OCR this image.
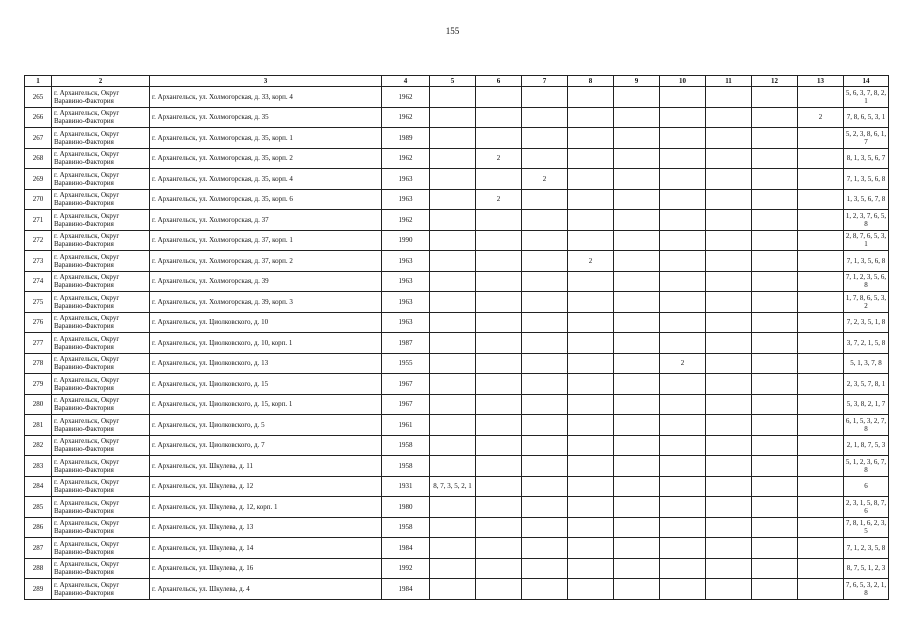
155
1	2	3	4	5	6	7	8	9	10	11	12	13	14
265	г. Архангельск, Округ
Варавино-Фактория	г. Архангельск, ул. Холмогорская, д. 33, корп. 4	1962										5, 6, 3, 7, 8, 2, 1
266	г. Архангельск, Округ
Варавино-Фактория	г. Архангельск, ул. Холмогорская, д. 35	1962									2	7, 8, 6, 5, 3, 1
267	г. Архангельск, Округ
Варавино-Фактория	г. Архангельск, ул. Холмогорская, д. 35, корп. 1	1989										5, 2, 3, 8, 6, 1, 7
268	г. Архангельск, Округ
Варавино-Фактория	г. Архангельск, ул. Холмогорская, д. 35, корп. 2	1962		2								8, 1, 3, 5, 6, 7
269	г. Архангельск, Округ
Варавино-Фактория	г. Архангельск, ул. Холмогорская, д. 35, корп. 4	1963			2							7, 1, 3, 5, 6, 8
270	г. Архангельск, Округ
Варавино-Фактория	г. Архангельск, ул. Холмогорская, д. 35, корп. 6	1963		2								1, 3, 5, 6, 7, 8
271	г. Архангельск, Округ
Варавино-Фактория	г. Архангельск, ул. Холмогорская, д. 37	1962										1, 2, 3, 7, 6, 5, 8
272	г. Архангельск, Округ
Варавино-Фактория	г. Архангельск, ул. Холмогорская, д. 37, корп. 1	1990										2, 8, 7, 6, 5, 3, 1
273	г. Архангельск, Округ
Варавино-Фактория	г. Архангельск, ул. Холмогорская, д. 37, корп. 2	1963				2						7, 1, 3, 5, 6, 8
274	г. Архангельск, Округ
Варавино-Фактория	г. Архангельск, ул. Холмогорская, д. 39	1963										7, 1, 2, 3, 5, 6, 8
275	г. Архангельск, Округ
Варавино-Фактория	г. Архангельск, ул. Холмогорская, д. 39, корп. 3	1963										1, 7, 8, 6, 5, 3, 2
276	г. Архангельск, Округ
Варавино-Фактория	г. Архангельск, ул. Циолковского, д. 10	1963										7, 2, 3, 5, 1, 8
277	г. Архангельск, Округ
Варавино-Фактория	г. Архангельск, ул. Циолковского, д. 10, корп. 1	1987										3, 7, 2, 1, 5, 8
278	г. Архангельск, Округ
Варавино-Фактория	г. Архангельск, ул. Циолковского, д. 13	1955						2				5, 1, 3, 7, 8
279	г. Архангельск, Округ
Варавино-Фактория	г. Архангельск, ул. Циолковского, д. 15	1967										2, 3, 5, 7, 8, 1
280	г. Архангельск, Округ
Варавино-Фактория	г. Архангельск, ул. Циолковского, д. 15, корп. 1	1967										5, 3, 8, 2, 1, 7
281	г. Архангельск, Округ
Варавино-Фактория	г. Архангельск, ул. Циолковского, д. 5	1961										6, 1, 5, 3, 2, 7, 8
282	г. Архангельск, Округ
Варавино-Фактория	г. Архангельск, ул. Циолковского, д. 7	1958										2, 1, 8, 7, 5, 3
283	г. Архангельск, Округ
Варавино-Фактория	г. Архангельск, ул. Шкулева, д. 11	1958										5, 1, 2, 3, 6, 7, 8
284	г. Архангельск, Округ
Варавино-Фактория	г. Архангельск, ул. Шкулева, д. 12	1931	8, 7, 3, 5, 2, 1									6
285	г. Архангельск, Округ
Варавино-Фактория	г. Архангельск, ул. Шкулева, д. 12, корп. 1	1980										2, 3, 1, 5, 8, 7, 6
286	г. Архангельск, Округ
Варавино-Фактория	г. Архангельск, ул. Шкулева, д. 13	1958										7, 8, 1, 6, 2, 3, 5
287	г. Архангельск, Округ
Варавино-Фактория	г. Архангельск, ул. Шкулева, д. 14	1984										7, 1, 2, 3, 5, 8
288	г. Архангельск, Округ
Варавино-Фактория	г. Архангельск, ул. Шкулева, д. 16	1992										8, 7, 5, 1, 2, 3
289	г. Архангельск, Округ
Варавино-Фактория	г. Архангельск, ул. Шкулева, д. 4	1984										7, 6, 5, 3, 2, 1, 8
